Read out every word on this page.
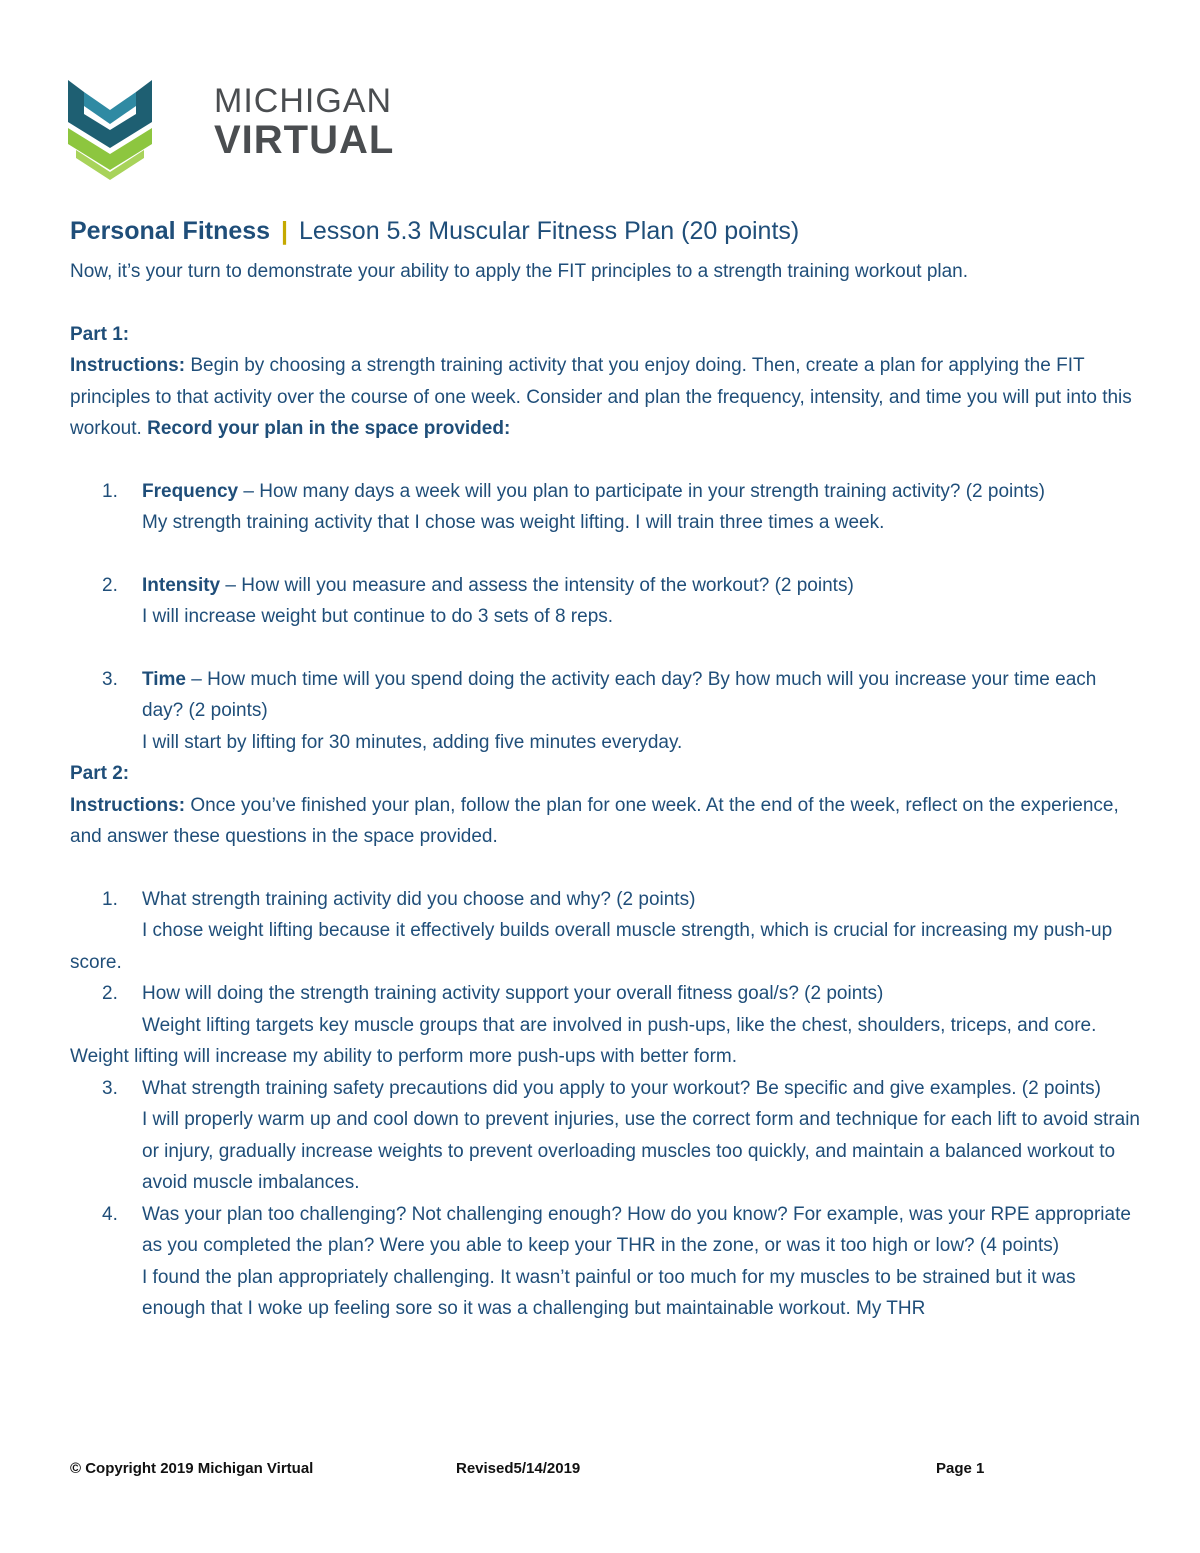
MICHIGAN
VIRTUAL
Personal Fitness | Lesson 5.3 Muscular Fitness Plan (20 points)
Now, it’s your turn to demonstrate your ability to apply the FIT principles to a strength training workout plan.
Part 1:
Instructions: Begin by choosing a strength training activity that you enjoy doing. Then, create a plan for applying the FIT principles to that activity over the course of one week. Consider and plan the frequency, intensity, and time you will put into this workout. Record your plan in the space provided:
1.	Frequency – How many days a week will you plan to participate in your strength training activity? (2 points)
My strength training activity that I chose was weight lifting. I will train three times a week.
2.	Intensity – How will you measure and assess the intensity of the workout? (2 points)
I will increase weight but continue to do 3 sets of 8 reps.
3.	Time – How much time will you spend doing the activity each day? By how much will you increase your time each day? (2 points)
I will start by lifting for 30 minutes, adding five minutes everyday.
Part 2:
Instructions: Once you’ve finished your plan, follow the plan for one week. At the end of the week, reflect on the experience, and answer these questions in the space provided.
1.	What strength training activity did you choose and why? (2 points)
I chose weight lifting because it effectively builds overall muscle strength, which is crucial for increasing my push-up score.
2.	How will doing the strength training activity support your overall fitness goal/s? (2 points)
Weight lifting targets key muscle groups that are involved in push-ups, like the chest, shoulders, triceps, and core. Weight lifting will increase my ability to perform more push-ups with better form.
3.	What strength training safety precautions did you apply to your workout? Be specific and give examples. (2 points)
I will properly warm up and cool down to prevent injuries, use the correct form and technique for each lift to avoid strain or injury, gradually increase weights to prevent overloading muscles too quickly, and maintain a balanced workout to avoid muscle imbalances.
4.	Was your plan too challenging? Not challenging enough? How do you know? For example, was your RPE appropriate as you completed the plan? Were you able to keep your THR in the zone, or was it too high or low? (4 points)
I found the plan appropriately challenging. It wasn’t painful or too much for my muscles to be strained but it was enough that I woke up feeling sore so it was a challenging but maintainable workout. My THR
© Copyright 2019 Michigan Virtual	Revised5/14/2019	Page 1
